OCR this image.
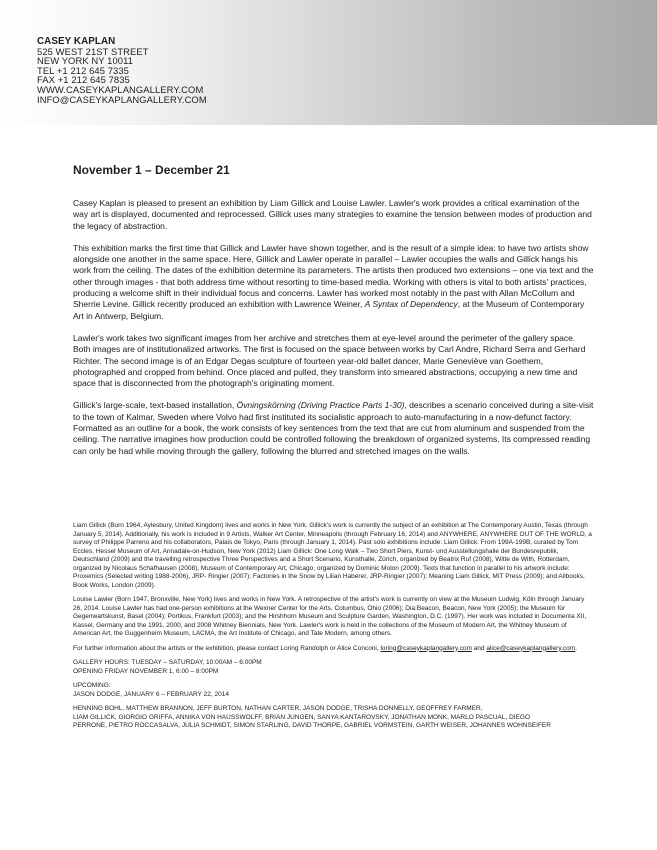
CASEY KAPLAN
525 WEST 21ST STREET
NEW YORK NY 10011
TEL +1 212 645 7335
FAX +1 212 645 7835
WWW.CASEYKAPLANGALLERY.COM
INFO@CASEYKAPLANGALLERY.COM
November 1 – December 21

Casey Kaplan is pleased to present an exhibition by Liam Gillick and Louise Lawler. Lawler's work provides a critical examination of the way art is displayed, documented and reprocessed. Gillick uses many strategies to examine the tension between modes of production and the legacy of abstraction.

This exhibition marks the first time that Gillick and Lawler have shown together, and is the result of a simple idea: to have two artists show alongside one another in the same space. Here, Gillick and Lawler operate in parallel – Lawler occupies the walls and Gillick hangs his work from the ceiling. The dates of the exhibition determine its parameters. The artists then produced two extensions – one via text and the other through images - that both address time without resorting to time-based media. Working with others is vital to both artists' practices, producing a welcome shift in their individual focus and concerns. Lawler has worked most notably in the past with Allan McCollum and Sherrie Levine. Gillick recently produced an exhibition with Lawrence Weiner, A Syntax of Dependency, at the Museum of Contemporary Art in Antwerp, Belgium.

Lawler's work takes two significant images from her archive and stretches them at eye-level around the perimeter of the gallery space. Both images are of institutionalized artworks. The first is focused on the space between works by Carl Andre, Richard Serra and Gerhard Richter. The second image is of an Edgar Degas sculpture of fourteen year-old ballet dancer, Marie Geneviève van Goethem, photographed and cropped from behind. Once placed and pulled, they transform into smeared abstractions, occupying a new time and space that is disconnected from the photograph's originating moment.

Gillick's large-scale, text-based installation, Övningskörning (Driving Practice Parts 1-30), describes a scenario conceived during a site-visit to the town of Kalmar, Sweden where Volvo had first instituted its socialistic approach to auto-manufacturing in a now-defunct factory. Formatted as an outline for a book, the work consists of key sentences from the text that are cut from aluminum and suspended from the ceiling. The narrative imagines how production could be controlled following the breakdown of organized systems. Its compressed reading can only be had while moving through the gallery, following the blurred and stretched images on the walls.

Liam Gillick (Born 1964, Aylesbury, United Kingdom) lives and works in New York. Gillick's work is currently the subject of an exhibition at The Contemporary Austin, Texas (through January 5, 2014). Additionally, his work is included in 9 Artists, Walker Art Center, Minneapolis (through February 16, 2014) and ANYWHERE, ANYWHERE OUT OF THE WORLD, a survey of Philippe Parreno and his collaborators, Palais de Tokyo, Paris (through January 1, 2014). Past solo exhibitions include: Liam Gillick: From 199A-199B, curated by Tom Eccles, Hessel Museum of Art, Annadale-on-Hudson, New York (2012) Liam Gillick: One Long Walk – Two Short Piers, Kunst- und Ausstellungshalle der Bundesrepublik, Deutschland (2009) and the travelling retrospective Three Perspectives and a Short Scenario, Kunsthalle, Zürich, organized by Beatrix Ruf (2008), Witte de With, Rotterdam, organized by Nicolaus Schafhausen (2008), Museum of Contemporary Art, Chicago, organized by Dominic Molon (2009). Texts that function in parallel to his artwork include: Proxemics (Selected writing 1988-2006), JRP- Ringier (2007); Factories in the Snow by Lilian Haberer, JRP-Ringier (2007); Meaning Liam Gillick, MIT Press (2009); and Allbooks, Book Works, London (2009).

Louise Lawler (Born 1947, Bronxville, New York) lives and works in New York. A retrospective of the artist's work is currently on view at the Museum Ludwig, Köln through January 26, 2014. Louise Lawler has had one-person exhibitions at the Wexner Center for the Arts, Columbus, Ohio (2006); Dia:Beacon, Beacon, New York (2005); the Museum für Gegenwartskunst, Basel (2004); Portikus, Frankfurt (2003); and the Hirshhorn Museum and Sculpture Garden, Washington, D.C. (1997). Her work was included in Documenta XII, Kassel, Germany and the 1991, 2000, and 2008 Whitney Biennials, New York. Lawler's work is held in the collections of the Museum of Modern Art, the Whitney Museum of American Art, the Guggenheim Museum, LACMA, the Art Institute of Chicago, and Tate Modern, among others.

For further information about the artists or the exhibition, please contact Loring Randolph or Alice Conconi, loring@caseykaplangallery.com and alice@caseykaplangallery.com.

GALLERY HOURS: TUESDAY – SATURDAY, 10:00AM – 6:00PM
OPENING FRIDAY NOVEMBER 1, 6:00 – 8:00PM

UPCOMING:
JASON DODGE, JANUARY 6 – FEBRUARY 22, 2014

HENNING BOHL, MATTHEW BRANNON, JEFF BURTON, NATHAN CARTER, JASON DODGE, TRISHA DONNELLY, GEOFFREY FARMER,
LIAM GILLICK, GIORGIO GRIFFA, ANNIKA VON HAUSSWOLFF, BRIAN JUNGEN, SANYA KANTAROVSKY, JONATHAN MONK, MARLO PASCUAL, DIEGO
PERRONE, PIETRO ROCCASALVA, JULIA SCHMIDT, SIMON STARLING, DAVID THORPE, GABRIEL VORMSTEIN, GARTH WEISER, JOHANNES WOHNSEIFER
